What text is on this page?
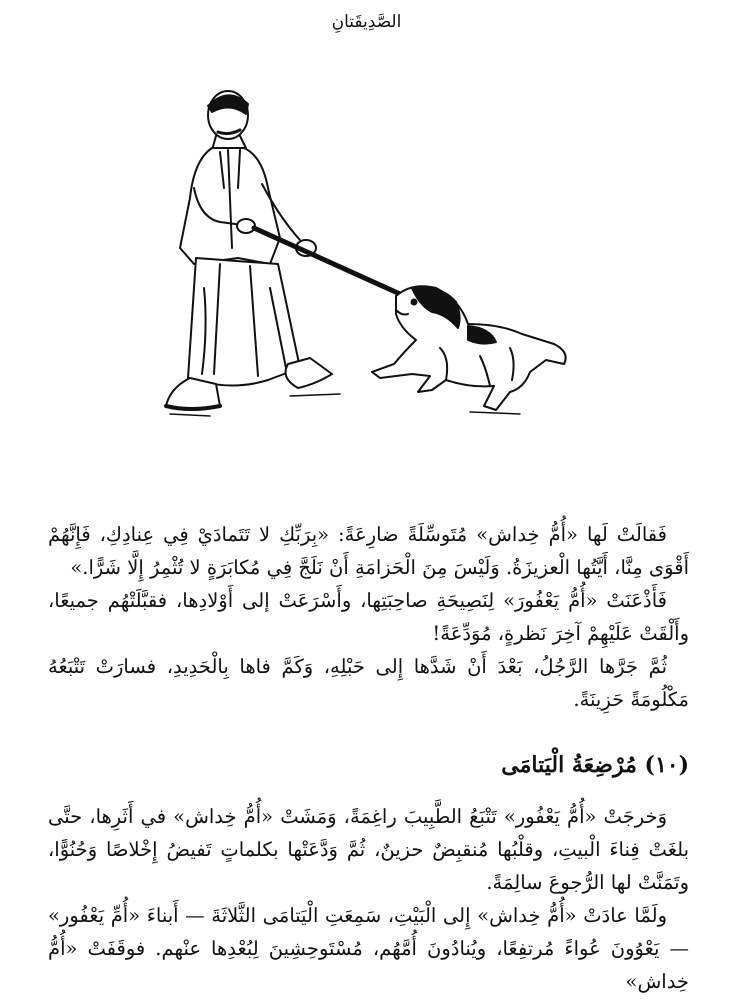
الصَّدِيقَتانِ

فَقالَتْ لَها «أُمُّ خِداش» مُتَوسِّلَةً ضارِعَةً: «بِرَبِّكِ لا تَتَمادَيْ فِي عِنادِكِ، فَإِنَّهُمْ أَقْوَى مِنَّا، أَيَّتُها الْعزيزَةُ. وَلَيْسَ مِنَ الْحَزامَةِ أَنْ نَلَجَّ فِي مُكابَرَةٍ لا تُثْمِرُ إِلَّا شَرًّا.»

فَأَذْعَنَتْ «أُمُّ يَعْفُورَ» لِنَصِيحَةِ صاحِبَتِها، وأَسْرَعَتْ إلى أَوْلادِها، فقبَّلَتْهُم جميعًا، وأَلْقَتْ عَلَيْهِمْ آخِرَ نَظرةٍ، مُوَدِّعَةً!

ثُمَّ جَرَّها الرَّجُلُ، بَعْدَ أَنْ شَدَّها إِلى حَبْلِهِ، وَكَمَّ فاها بِالْحَدِيدِ، فسارَتْ تَتْبَعُهُ مَكْلُومَةً حَزِينَةً.

(١٠) مُرْضِعَةُ الْيَتامَى

وَخرجَتْ «أُمُّ يَعْفُور» تَتْبَعُ الطَّبِيبَ راغِمَةً، وَمَشَتْ «أُمُّ خِداش» في أَثَرِها، حتَّى بلغَتْ فِناءَ الْبيتِ، وقلْبُها مُنقبِضٌ حزينٌ، ثُمَّ وَدَّعَتْها بكلماتٍ تَفيضُ إِخْلاصًا وَحُنُوًّا، وتَمَنَّتْ لها الرُّجوعَ سالِمَةً.

ولَمَّا عادَتْ «أُمُّ خِداش» إِلى الْبَيْتِ، سَمِعَتِ الْيَتامَى الثَّلاثَةَ — أَبناءَ «أُمِّ يَعْفُور» — يَعْوُونَ عُواءً مُرتفِعًا، ويُنادُونَ أُمَّهُم، مُسْتَوحِشِينَ لِبُعْدِها عنْهم. فوقَفَتْ «أُمُّ خِداش»
